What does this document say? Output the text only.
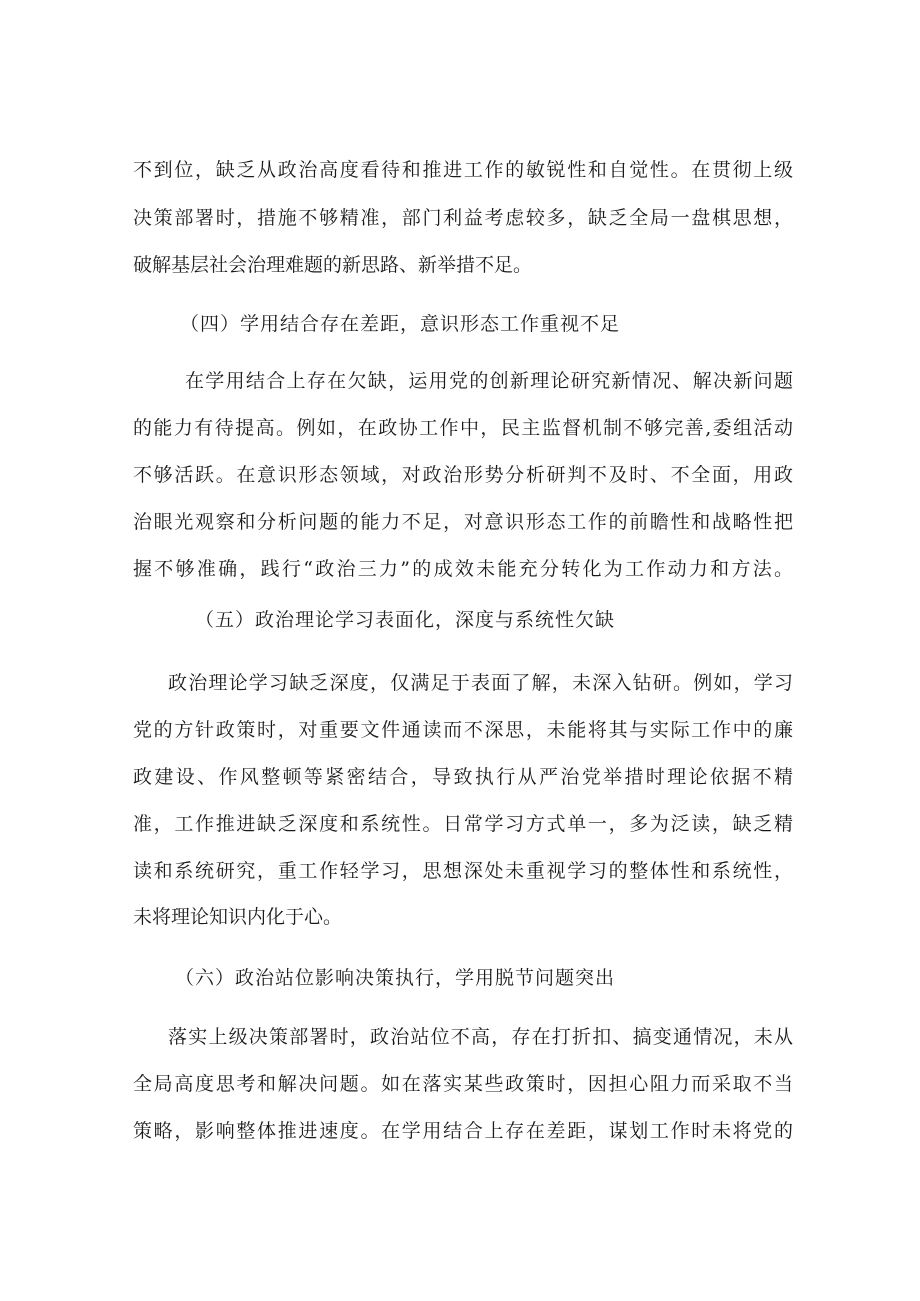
不到位，缺乏从政治高度看待和推进工作的敏锐性和自觉性。在贯彻上级
决策部署时，措施不够精准，部门利益考虑较多，缺乏全局一盘棋思想，
破解基层社会治理难题的新思路、新举措不足。
（四）学用结合存在差距，意识形态工作重视不足
在学用结合上存在欠缺，运用党的创新理论研究新情况、解决新问题
的能力有待提高。例如，在政协工作中，民主监督机制不够完善,委组活动
不够活跃。在意识形态领域，对政治形势分析研判不及时、不全面，用政
治眼光观察和分析问题的能力不足，对意识形态工作的前瞻性和战略性把
握不够准确，践行“政治三力”的成效未能充分转化为工作动力和方法。
（五）政治理论学习表面化，深度与系统性欠缺
政治理论学习缺乏深度，仅满足于表面了解，未深入钻研。例如，学习
党的方针政策时，对重要文件通读而不深思，未能将其与实际工作中的廉
政建设、作风整顿等紧密结合，导致执行从严治党举措时理论依据不精
准，工作推进缺乏深度和系统性。日常学习方式单一，多为泛读，缺乏精
读和系统研究，重工作轻学习，思想深处未重视学习的整体性和系统性，
未将理论知识内化于心。
（六）政治站位影响决策执行，学用脱节问题突出
落实上级决策部署时，政治站位不高，存在打折扣、搞变通情况，未从
全局高度思考和解决问题。如在落实某些政策时，因担心阻力而采取不当
策略，影响整体推进速度。在学用结合上存在差距，谋划工作时未将党的
